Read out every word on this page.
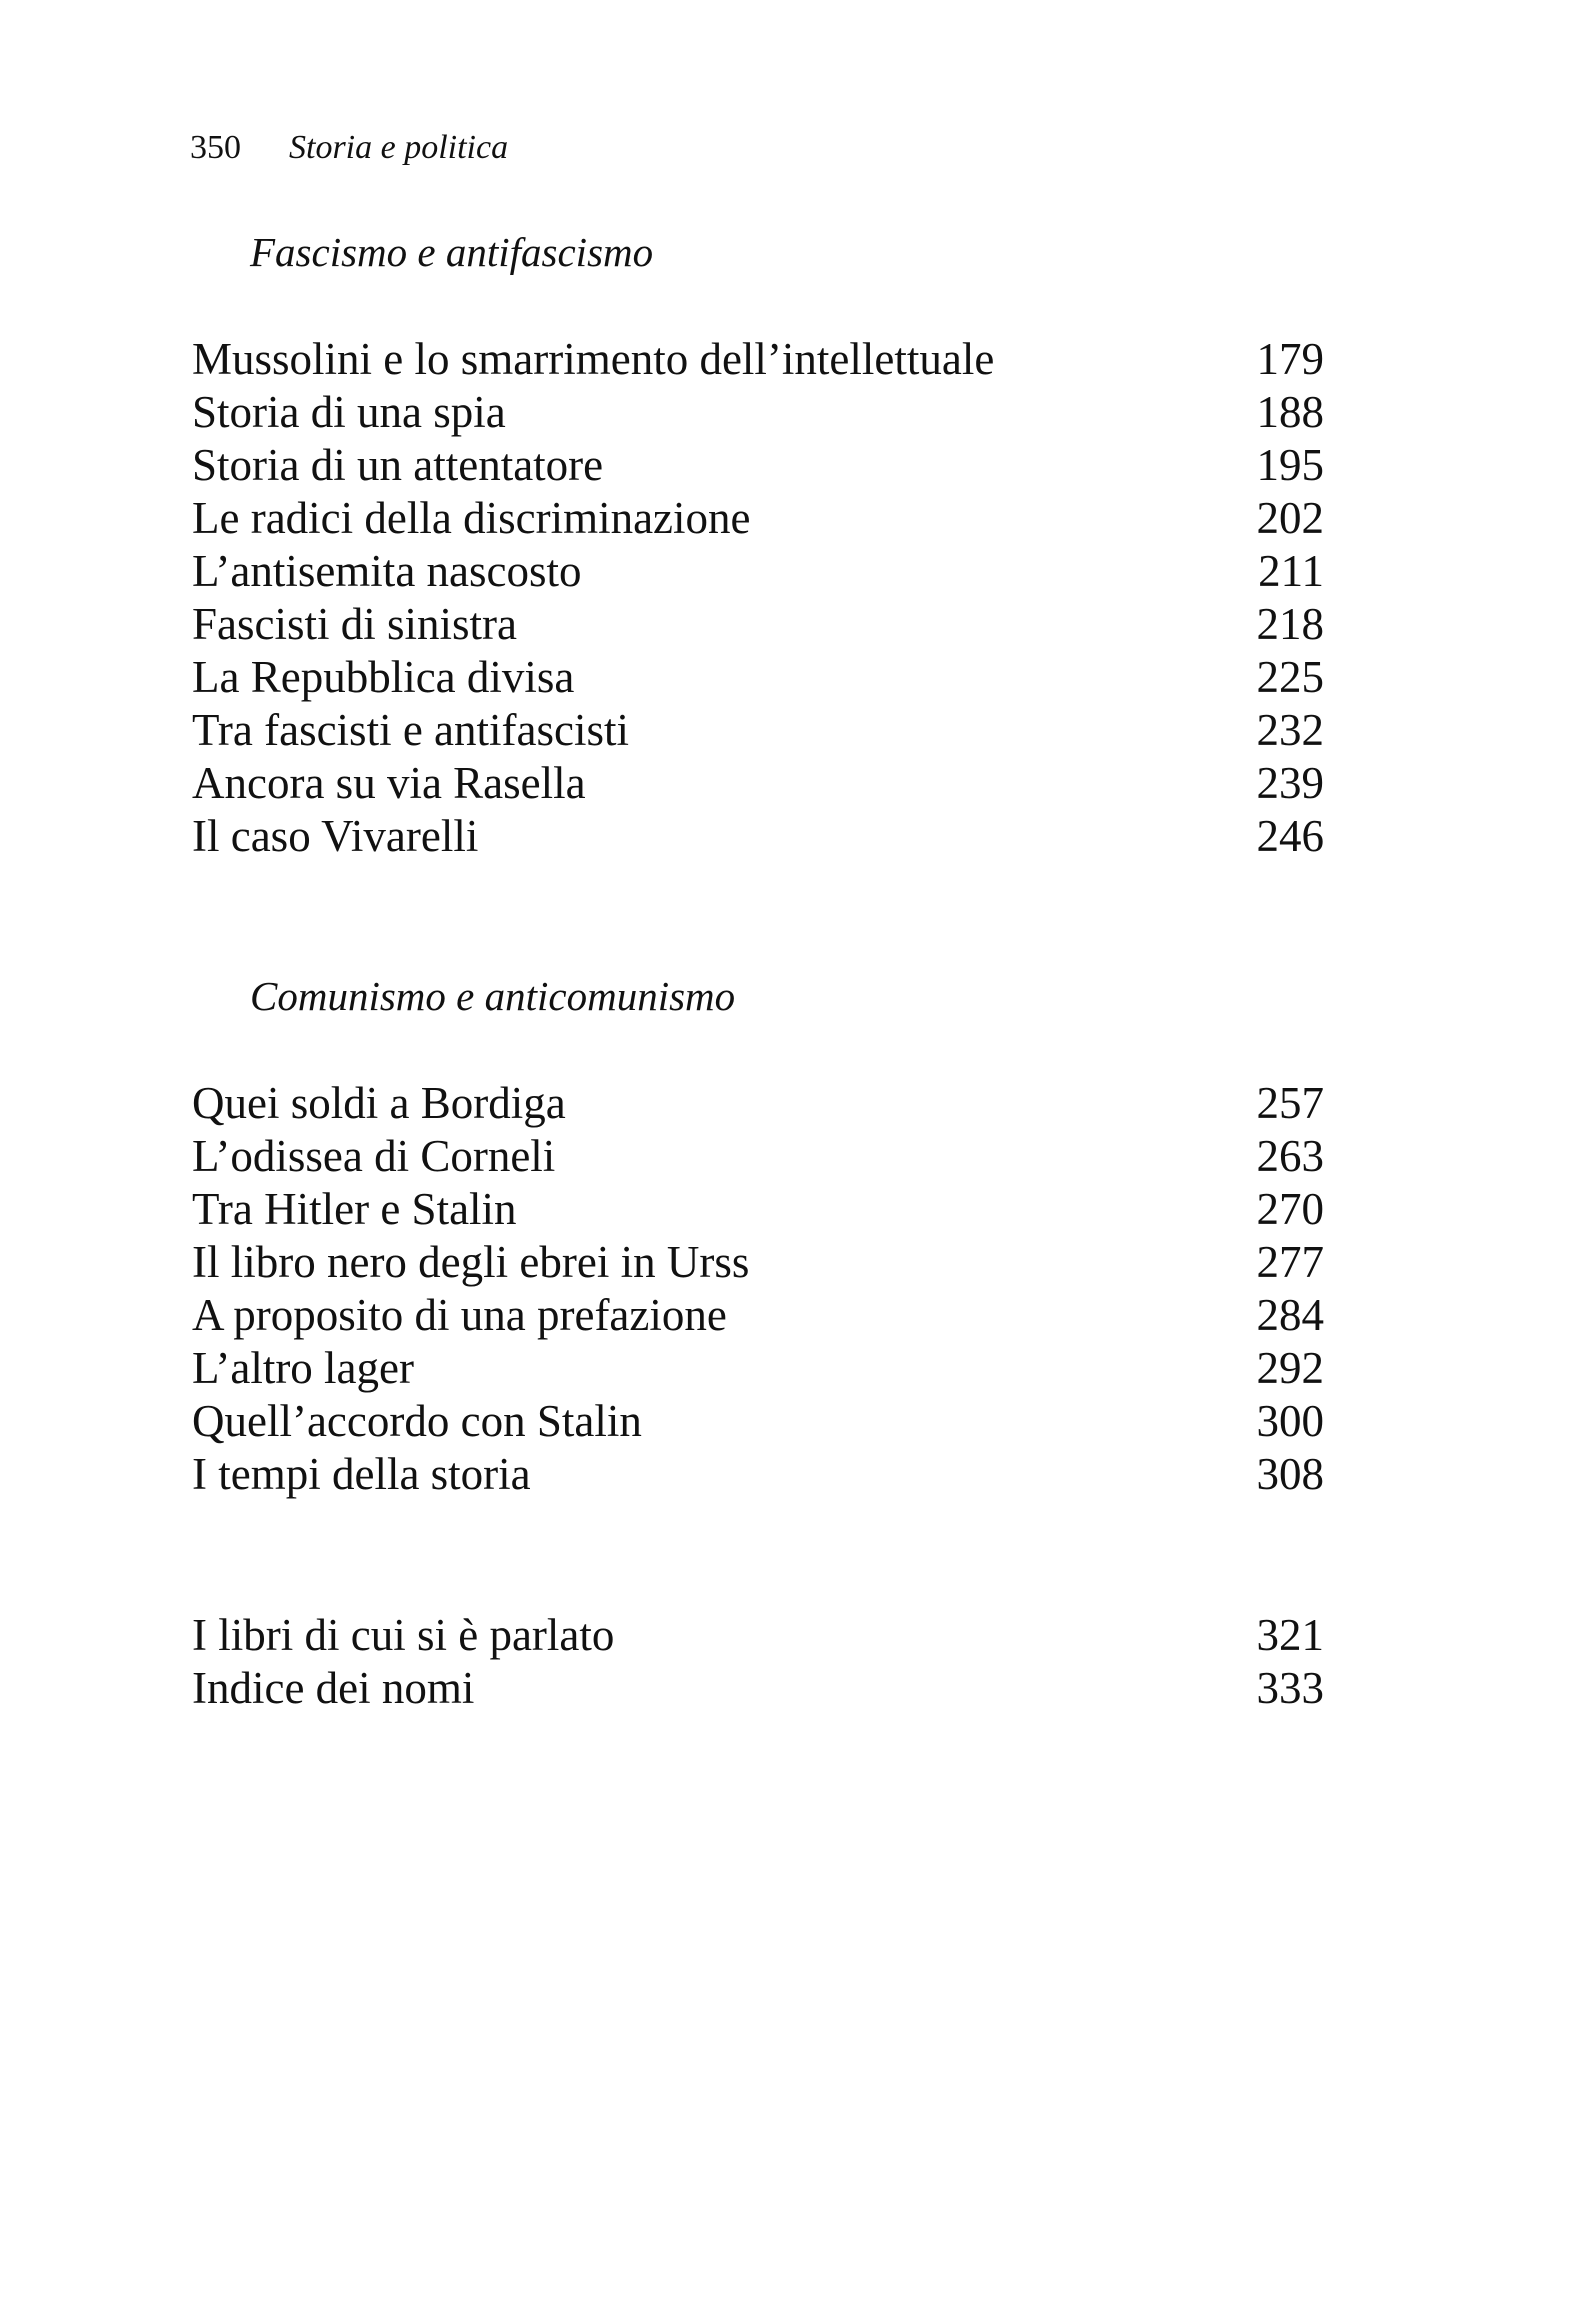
350 Storia e politica
Fascismo e antifascismo
Mussolini e lo smarrimento dell’intellettuale	179
Storia di una spia	188
Storia di un attentatore	195
Le radici della discriminazione	202
L’antisemita nascosto	211
Fascisti di sinistra	218
La Repubblica divisa	225
Tra fascisti e antifascisti	232
Ancora su via Rasella	239
Il caso Vivarelli	246
Comunismo e anticomunismo
Quei soldi a Bordiga	257
L’odissea di Corneli	263
Tra Hitler e Stalin	270
Il libro nero degli ebrei in Urss	277
A proposito di una prefazione	284
L’altro lager	292
Quell’accordo con Stalin	300
I tempi della storia	308
I libri di cui si è parlato	321
Indice dei nomi	333
